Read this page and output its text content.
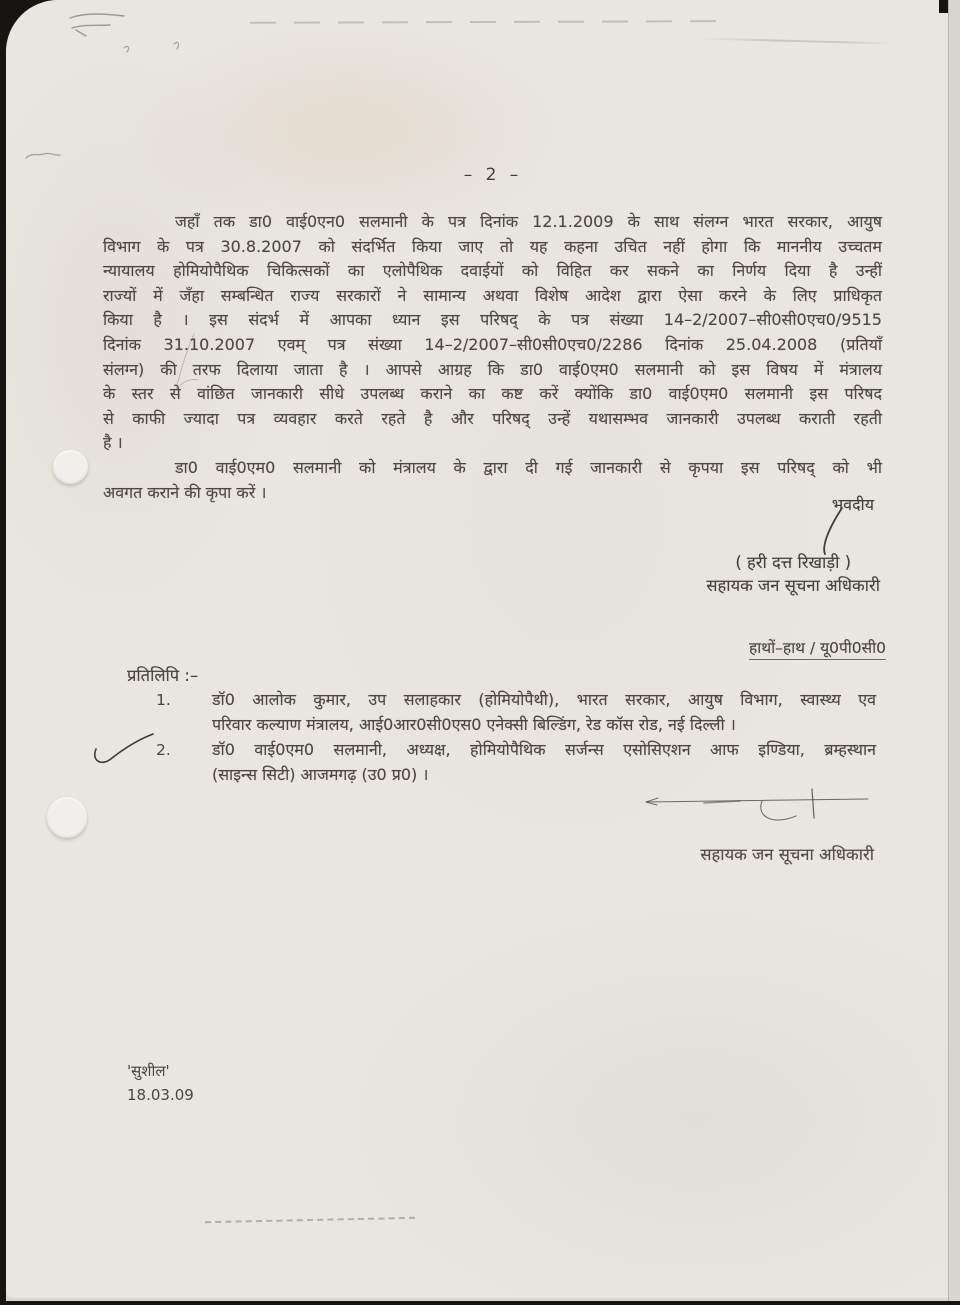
– 2 –
जहाँ तक डा0 वाई0एन0 सलमानी के पत्र दिनांक 12.1.2009 के साथ संलग्न भारत सरकार, आयुष
विभाग के पत्र 30.8.2007 को संदर्भित किया जाए तो यह कहना उचित नहीं होगा कि माननीय उच्चतम
न्यायालय होमियोपैथिक चिकित्सकों का एलोपैथिक दवाईयों को विहित कर सकने का निर्णय दिया है उन्हीं
राज्यों में जँहा सम्बन्धित राज्य सरकारों ने सामान्य अथवा विशेष आदेश द्वारा ऐसा करने के लिए प्राधिकृत
किया है । इस संदर्भ में आपका ध्यान इस परिषद् के पत्र संख्या 14–2/2007–सी0सी0एच0/9515
दिनांक 31.10.2007 एवम् पत्र संख्या 14–2/2007–सी0सी0एच0/2286 दिनांक 25.04.2008 (प्रतियाँ
संलग्न) की तरफ दिलाया जाता है । आपसे आग्रह कि डा0 वाई0एम0 सलमानी को इस विषय में मंत्रालय
के स्तर से वांछित जानकारी सीधे उपलब्ध कराने का कष्ट करें क्योंकि डा0 वाई0एम0 सलमानी इस परिषद
से काफी ज्यादा पत्र व्यवहार करते रहते है और परिषद् उन्हें यथासम्भव जानकारी उपलब्ध कराती रहती
है ।
डा0 वाई0एम0 सलमानी को मंत्रालय के द्वारा दी गई जानकारी से कृपया इस परिषद् को भी
अवगत कराने की कृपा करें ।
भवदीय
( हरी दत्त रिखाड़ी )
सहायक जन सूचना अधिकारी
हाथों–हाथ / यू0पी0सी0
प्रतिलिपि :–
1.	डॉ0 आलोक कुमार, उप सलाहकार (होमियोपैथी), भारत सरकार, आयुष विभाग, स्वास्थ्य एव
परिवार कल्याण मंत्रालय, आई0आर0सी0एस0 एनेक्सी बिल्डिंग, रेड कॉस रोड, नई दिल्ली ।
2.	डॉ0 वाई0एम0 सलमानी, अध्यक्ष, होमियोपैथिक सर्जन्स एसोसिएशन आफ इण्डिया, ब्रम्हस्थान
(साइन्स सिटी) आजमगढ़ (उ0 प्र0) ।
सहायक जन सूचना अधिकारी
'सुशील'
18.03.09
